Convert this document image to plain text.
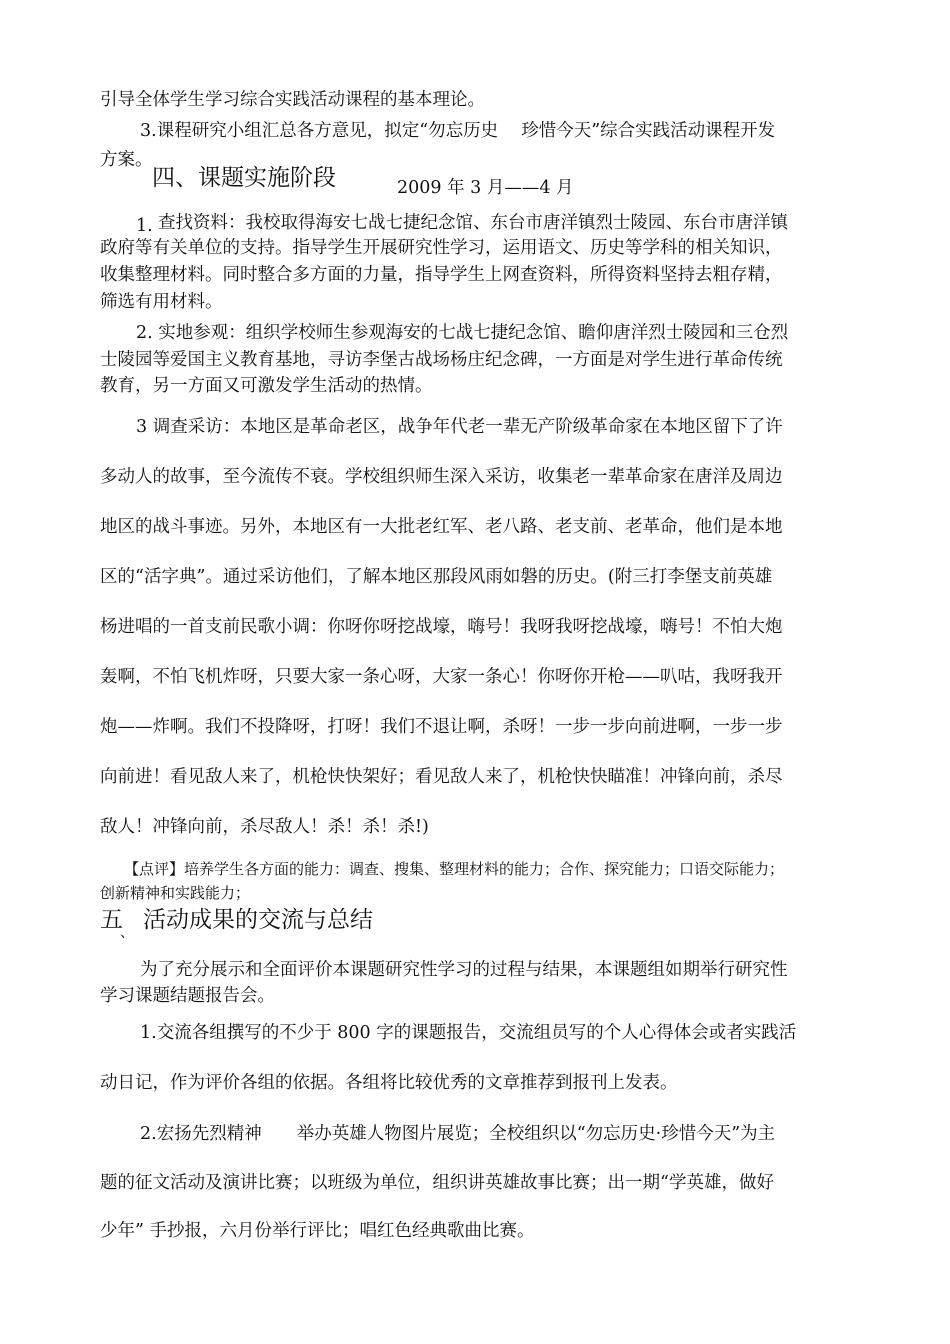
引导全体学生学习综合实践活动课程的基本理论。
3.课程研究小组汇总各方意见，拟定“勿忘历史　 珍惜今天”综合实践活动课程开发
方案。
四、课题实施阶段	2009 年 3 月——4 月
1. 查找资料：我校取得海安七战七捷纪念馆、东台市唐洋镇烈士陵园、东台市唐洋镇
政府等有关单位的支持。指导学生开展研究性学习，运用语文、历史等学科的相关知识，
收集整理材料。同时整合多方面的力量，指导学生上网查资料，所得资料坚持去粗存精，
筛选有用材料。
2. 实地参观：组织学校师生参观海安的七战七捷纪念馆、瞻仰唐洋烈士陵园和三仓烈
士陵园等爱国主义教育基地，寻访李堡古战场杨庄纪念碑，一方面是对学生进行革命传统
教育，另一方面又可激发学生活动的热情。
3 调查采访：本地区是革命老区，战争年代老一辈无产阶级革命家在本地区留下了许
多动人的故事，至今流传不衰。学校组织师生深入采访，收集老一辈革命家在唐洋及周边
地区的战斗事迹。另外，本地区有一大批老红军、老八路、老支前、老革命，他们是本地
区的“活字典”。通过采访他们，了解本地区那段风雨如磐的历史。(附三打李堡支前英雄
杨进唱的一首支前民歌小调：你呀你呀挖战壕，嗨号！我呀我呀挖战壕，嗨号！不怕大炮
轰啊，不怕飞机炸呀，只要大家一条心呀，大家一条心！你呀你开枪——叭咕，我呀我开
炮——炸啊。我们不投降呀，打呀！我们不退让啊，杀呀！一步一步向前进啊，一步一步
向前进！看见敌人来了，机枪快快架好；看见敌人来了，机枪快快瞄准！冲锋向前，杀尽
敌人！冲锋向前，杀尽敌人！杀！杀！杀!)
【点评】培养学生各方面的能力：调查、搜集、整理材料的能力；合作、探究能力；口语交际能力；
创新精神和实践能力；
五
、 活动成果的交流与总结
为了充分展示和全面评价本课题研究性学习的过程与结果，本课题组如期举行研究性
学习课题结题报告会。
1.交流各组撰写的不少于 800 字的课题报告，交流组员写的个人心得体会或者实践活
动日记，作为评价各组的依据。各组将比较优秀的文章推荐到报刊上发表。
2.宏扬先烈精神　　举办英雄人物图片展览；全校组织以“勿忘历史·珍惜今天”为主
题的征文活动及演讲比赛；以班级为单位，组织讲英雄故事比赛；出一期“学英雄，做好
少年” 手抄报，六月份举行评比；唱红色经典歌曲比赛。
